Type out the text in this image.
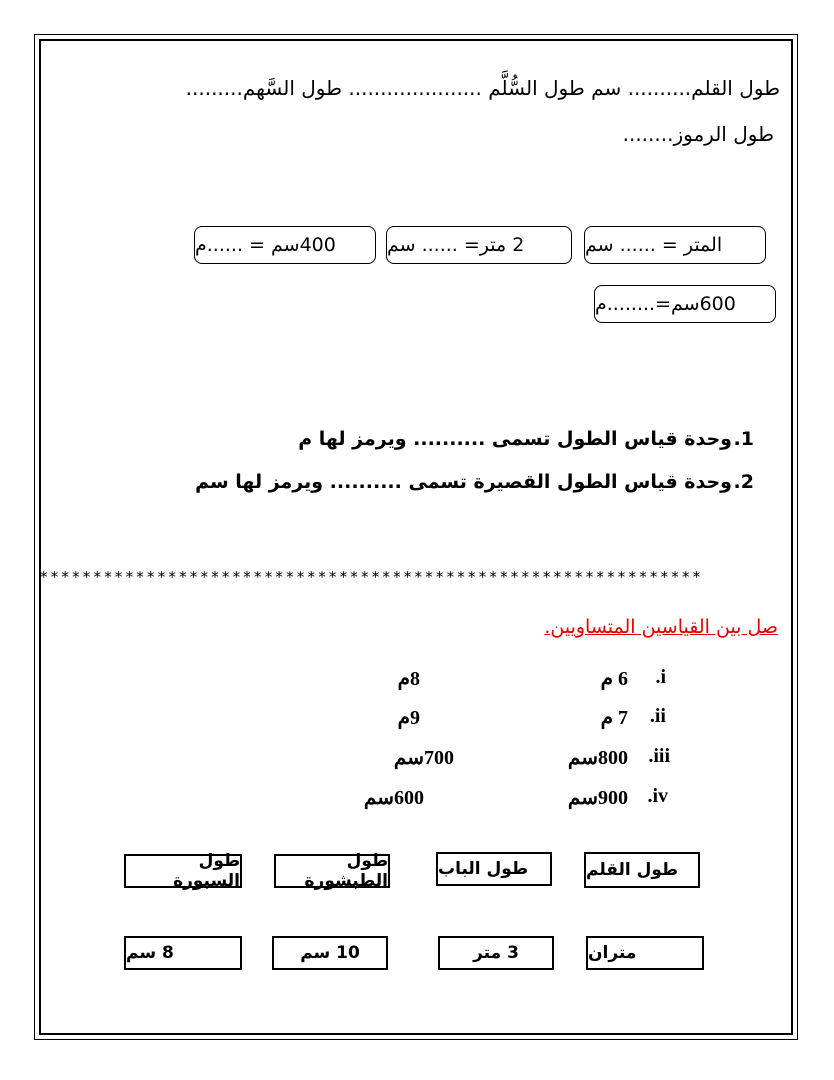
طول القلم.......... سم طول السُّلَّم ..................... طول السَّهم.........
طول الرموز........
المتر = ...... سم
2 متر= ...... سم
400سم = ......م
600سم=........م
1.
وحدة قياس الطول تسمى .......... ويرمز لها م
2.
وحدة قياس الطول القصيرة تسمى .......... ويرمز لها سم
**************************************************************
صل بين القياسين المتساويين.
i.
6 م
8م
ii.
7 م
9م
iii.
800سم
700سم
iv.
900سم
600سم
طول القلم
طول الباب
طول الطبشورة
طول السبورة
متران
3 متر
10 سم
8 سم
